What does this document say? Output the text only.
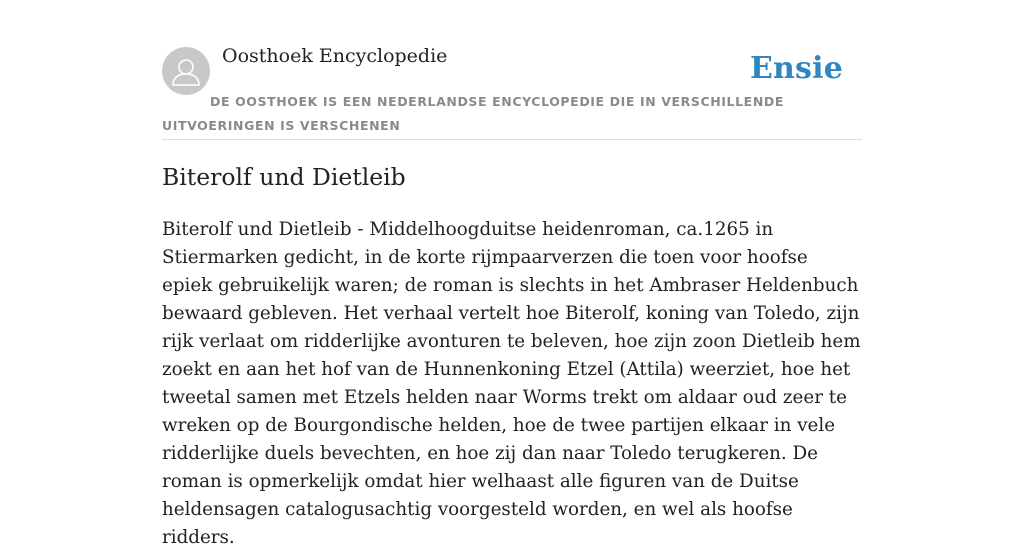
Oosthoek Encyclopedie	Ensie
DE OOSTHOEK IS EEN NEDERLANDSE ENCYCLOPEDIE DIE IN VERSCHILLENDE UITVOERINGEN IS VERSCHENEN
Biterolf und Dietleib

Biterolf und Dietleib - Middelhoogduitse heidenroman, ca.1265 in Stiermarken gedicht, in de korte rijmpaarverzen die toen voor hoofse epiek gebruikelijk waren; de roman is slechts in het Ambraser Heldenbuch bewaard gebleven. Het verhaal vertelt hoe Biterolf, koning van Toledo, zijn rijk verlaat om ridderlijke avonturen te beleven, hoe zijn zoon Dietleib hem zoekt en aan het hof van de Hunnenkoning Etzel (Attila) weerziet, hoe het tweetal samen met Etzels helden naar Worms trekt om aldaar oud zeer te wreken op de Bourgondische helden, hoe de twee partijen elkaar in vele ridderlijke duels bevechten, en hoe zij dan naar Toledo terugkeren. De roman is opmerkelijk omdat hier welhaast alle figuren van de Duitse heldensagen catalogusachtig voorgesteld worden, en wel als hoofse ridders.
